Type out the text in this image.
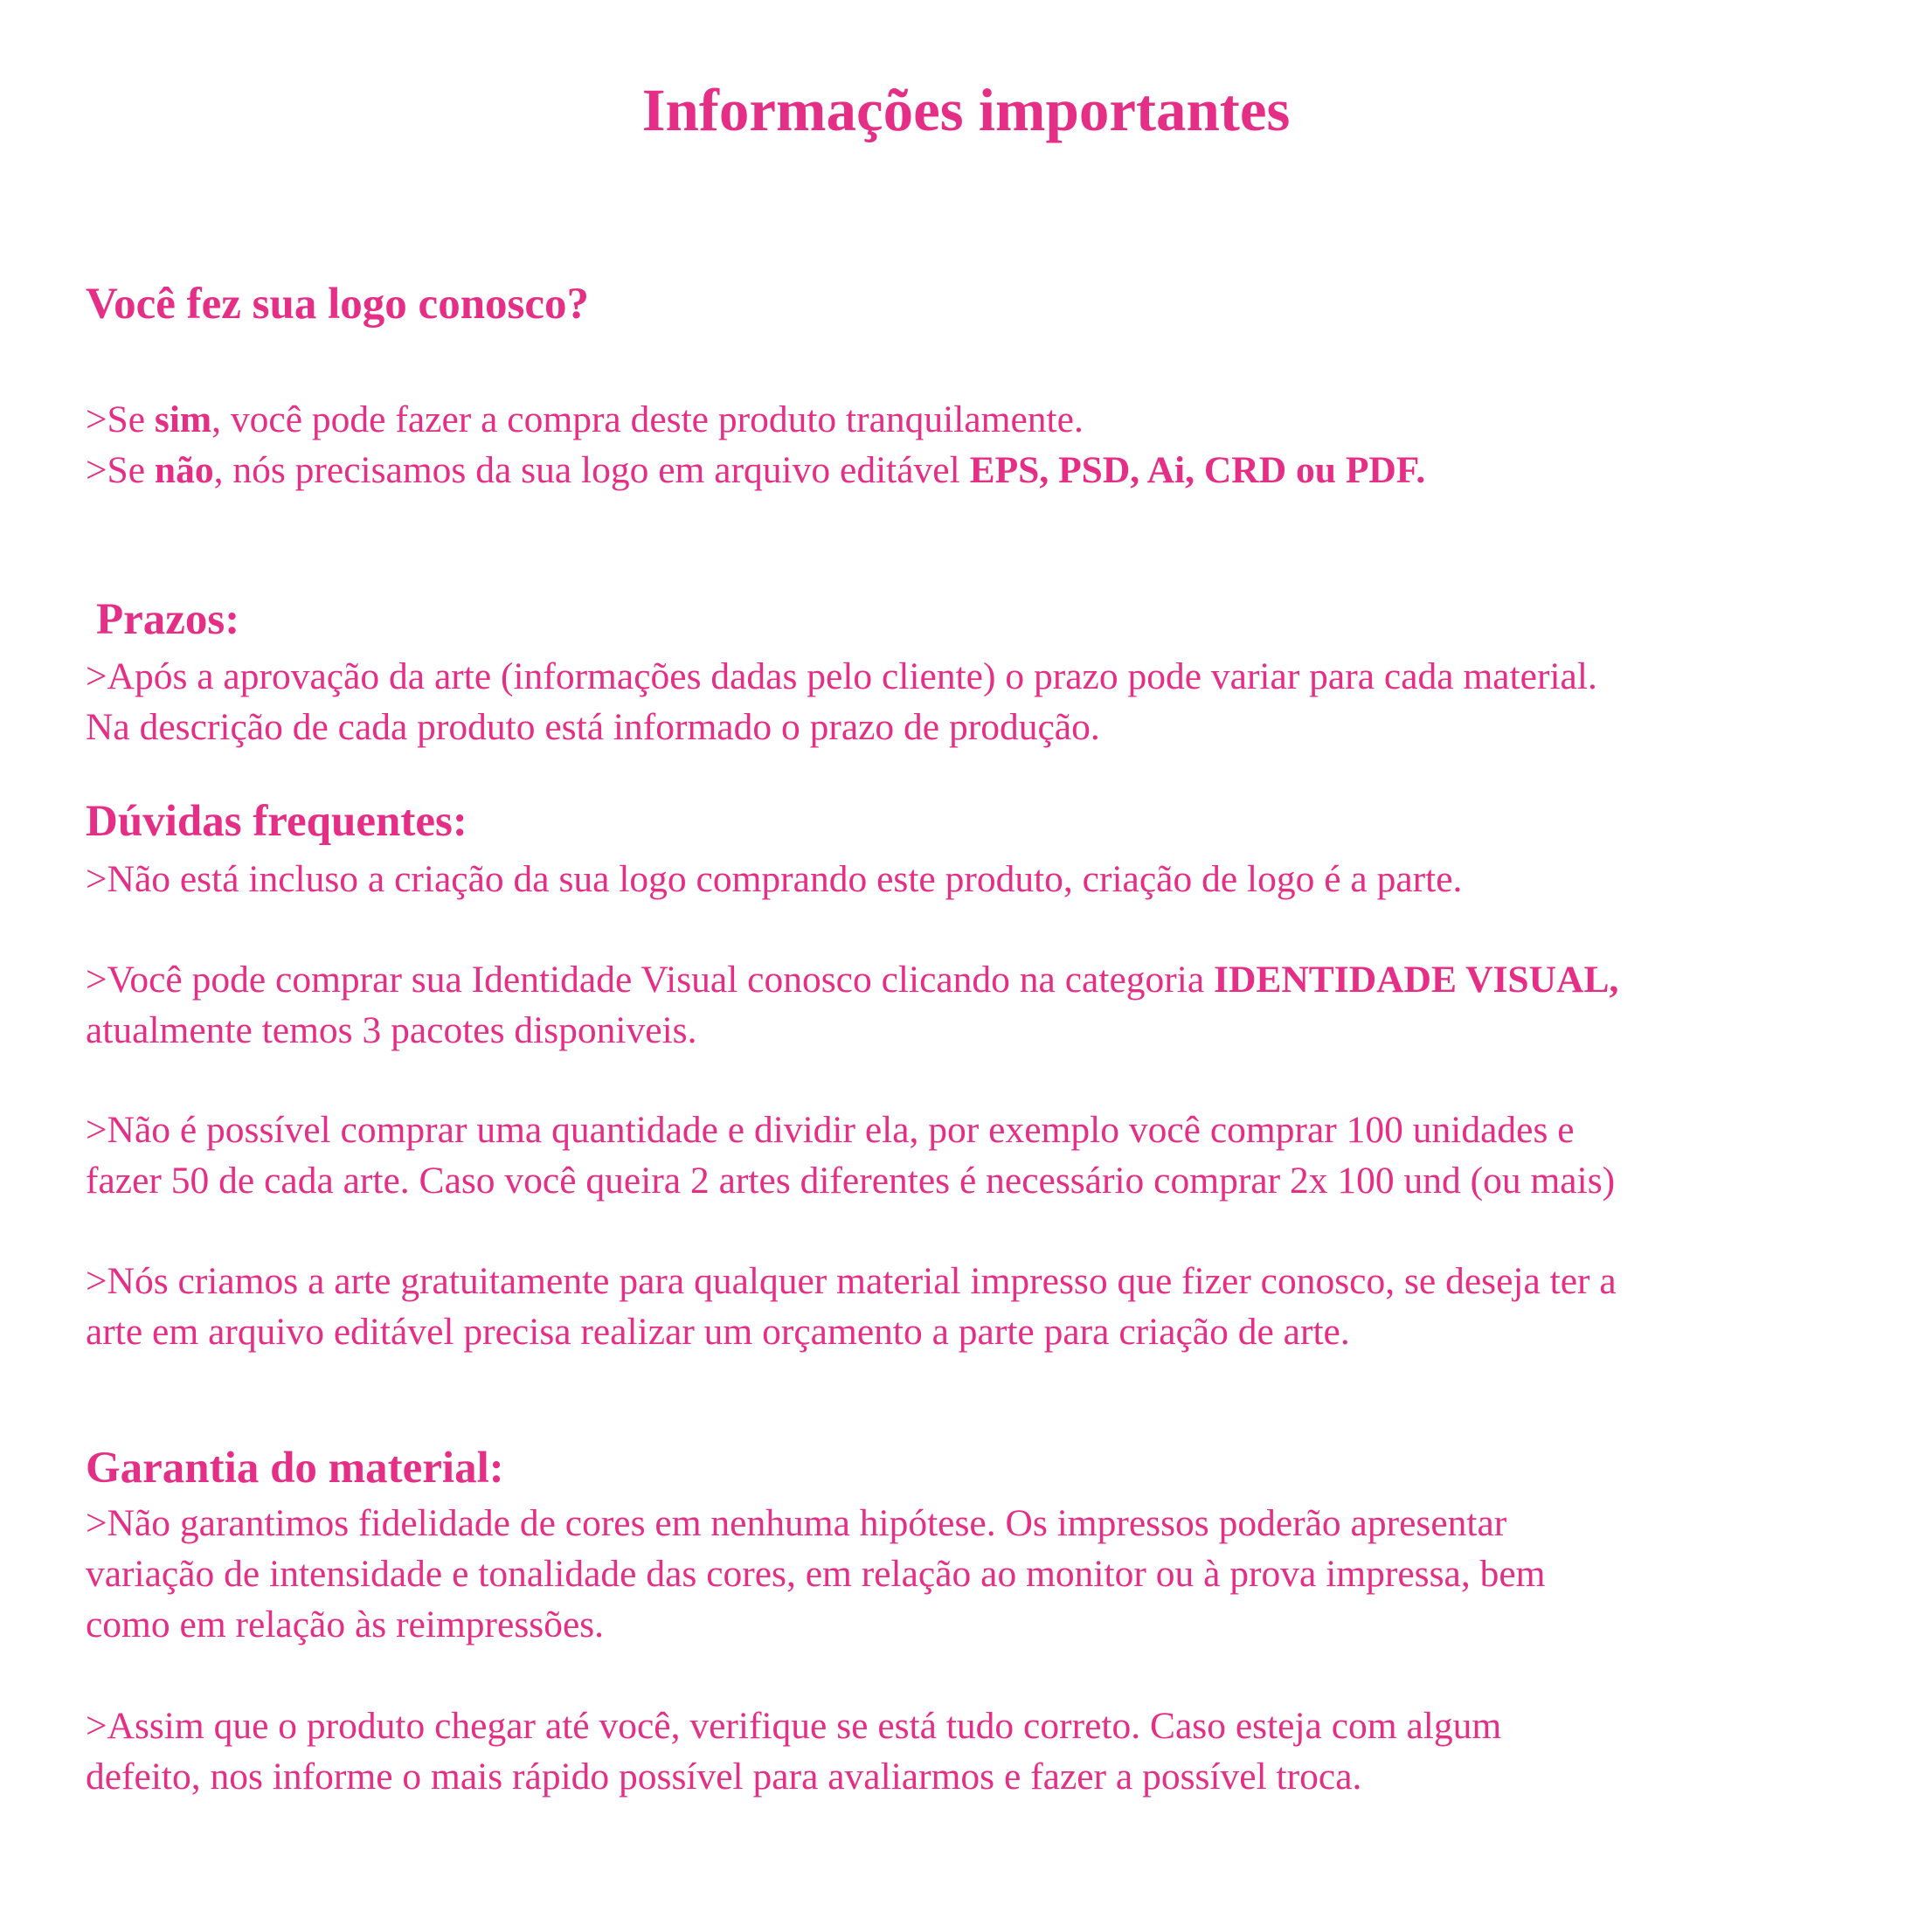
Informações importantes
Você fez sua logo conosco?
>Se sim, você pode fazer a compra deste produto tranquilamente.
>Se não, nós precisamos da sua logo em arquivo editável EPS, PSD, Ai, CRD ou PDF.
Prazos:
>Após a aprovação da arte (informações dadas pelo cliente) o prazo pode variar para cada material.
Na descrição de cada produto está informado o prazo de produção.
Dúvidas frequentes:
>Não está incluso a criação da sua logo comprando este produto, criação de logo é a parte.
>Você pode comprar sua Identidade Visual conosco clicando na categoria IDENTIDADE VISUAL,
atualmente temos 3 pacotes disponiveis.
>Não é possível comprar uma quantidade e dividir ela, por exemplo você comprar 100 unidades e
fazer 50 de cada arte. Caso você queira 2 artes diferentes é necessário comprar 2x 100 und (ou mais)
>Nós criamos a arte gratuitamente para qualquer material impresso que fizer conosco, se deseja ter a
arte em arquivo editável precisa realizar um orçamento a parte para criação de arte.
Garantia do material:
>Não garantimos fidelidade de cores em nenhuma hipótese. Os impressos poderão apresentar
variação de intensidade e tonalidade das cores, em relação ao monitor ou à prova impressa, bem
como em relação às reimpressões.
>Assim que o produto chegar até você, verifique se está tudo correto. Caso esteja com algum
defeito, nos informe o mais rápido possível para avaliarmos e fazer a possível troca.
